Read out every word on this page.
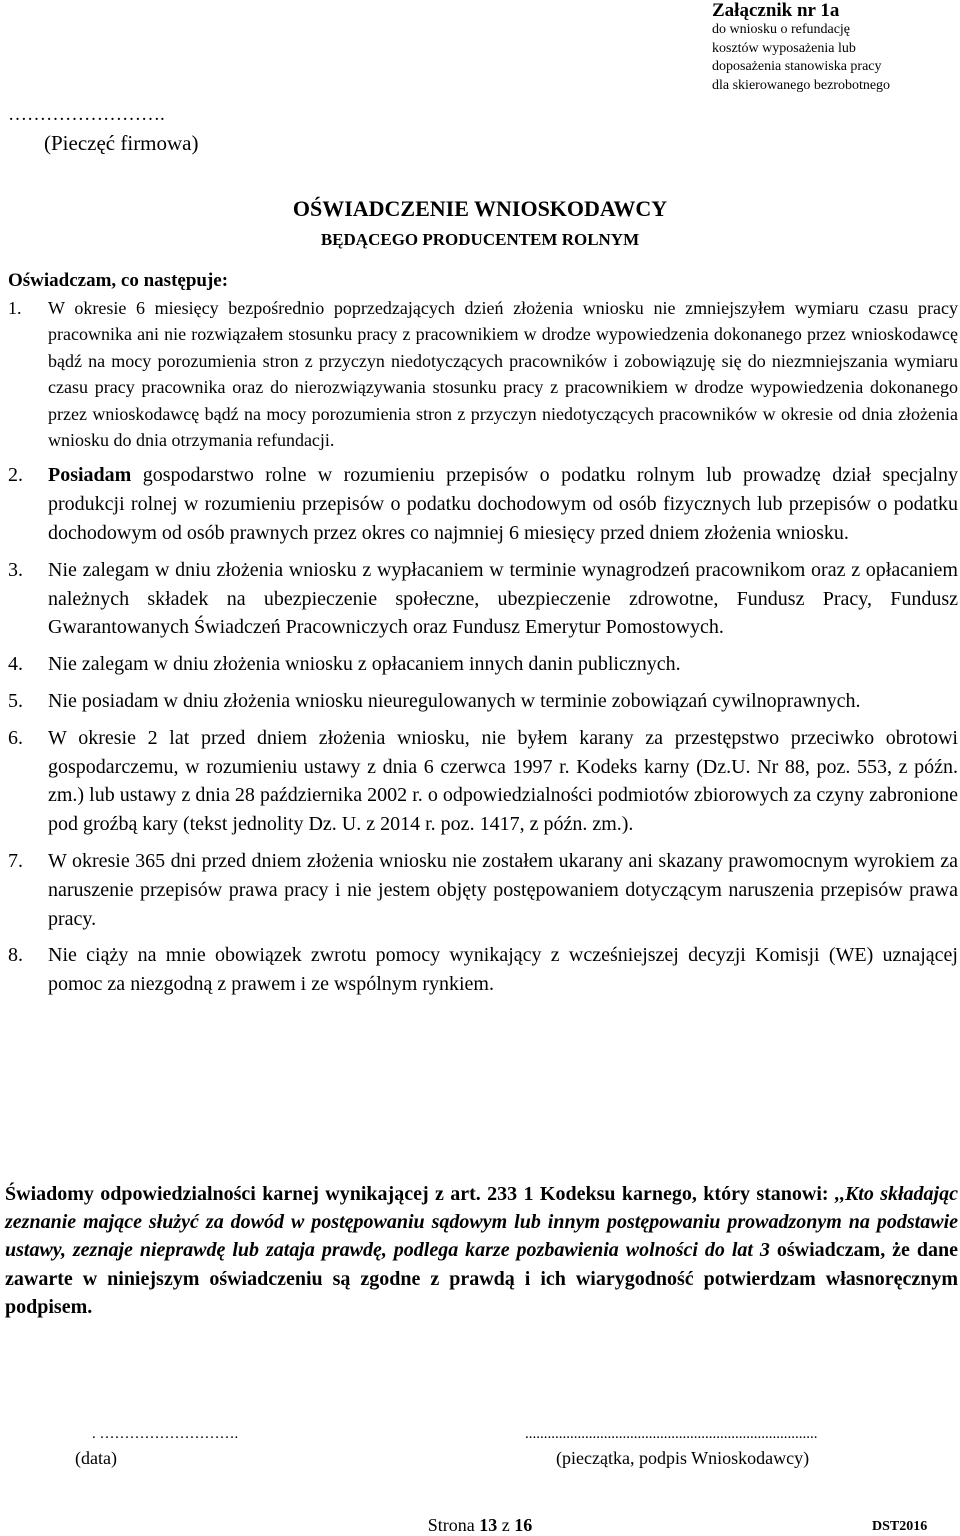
Załącznik nr 1a

do wniosku o refundację

kosztów wyposażenia lub

doposażenia stanowiska pracy

dla skierowanego bezrobotnego

…………………….
(Pieczęć firmowa)
OŚWIADCZENIE WNIOSKODAWCY
BĘDĄCEGO PRODUCENTEM ROLNYM
Oświadczam, co następuje:
1. W okresie 6 miesięcy bezpośrednio poprzedzających dzień złożenia wniosku nie zmniejszyłem wymiaru czasu pracy pracownika ani nie rozwiązałem stosunku pracy z pracownikiem w drodze wypowiedzenia dokonanego przez wnioskodawcę bądź na mocy porozumienia stron z przyczyn niedotyczących pracowników i zobowiązuję się do niezmniejszania wymiaru czasu pracy pracownika oraz do nierozwiązywania stosunku pracy z pracownikiem w drodze wypowiedzenia dokonanego przez wnioskodawcę bądź na mocy porozumienia stron z przyczyn niedotyczących pracowników w okresie od dnia złożenia wniosku do dnia otrzymania refundacji.
2. Posiadam gospodarstwo rolne w rozumieniu przepisów o podatku rolnym lub prowadzę dział specjalny produkcji rolnej w rozumieniu przepisów o podatku dochodowym od osób fizycznych lub przepisów o podatku dochodowym od osób prawnych przez okres co najmniej 6 miesięcy przed dniem złożenia wniosku.
3. Nie zalegam w dniu złożenia wniosku z wypłacaniem w terminie wynagrodzeń pracownikom oraz z opłacaniem należnych składek na ubezpieczenie społeczne, ubezpieczenie zdrowotne, Fundusz Pracy, Fundusz Gwarantowanych Świadczeń Pracowniczych oraz Fundusz Emerytur Pomostowych.
4. Nie zalegam w dniu złożenia wniosku z opłacaniem innych danin publicznych.
5. Nie posiadam w dniu złożenia wniosku nieuregulowanych w terminie zobowiązań cywilnoprawnych.
6. W okresie 2 lat przed dniem złożenia wniosku, nie byłem karany za przestępstwo przeciwko obrotowi gospodarczemu, w rozumieniu ustawy z dnia 6 czerwca 1997 r. Kodeks karny (Dz.U. Nr 88, poz. 553, z późn. zm.) lub ustawy z dnia 28 października 2002 r. o odpowiedzialności podmiotów zbiorowych za czyny zabronione pod groźbą kary (tekst jednolity Dz. U. z 2014 r. poz. 1417, z późn. zm.).
7. W okresie 365 dni przed dniem złożenia wniosku nie zostałem ukarany ani skazany prawomocnym wyrokiem za naruszenie przepisów prawa pracy i nie jestem objęty postępowaniem dotyczącym naruszenia przepisów prawa pracy.
8. Nie ciąży na mnie obowiązek zwrotu pomocy wynikający z wcześniejszej decyzji Komisji (WE) uznającej pomoc za niezgodną z prawem i ze wspólnym rynkiem.

Świadomy odpowiedzialności karnej wynikającej z art. 233 1 Kodeksu karnego, który stanowi: ,,Kto składając zeznanie mające służyć za dowód w postępowaniu sądowym lub innym postępowaniu prowadzonym na podstawie ustawy, zeznaje nieprawdę lub zataja prawdę, podlega karze pozbawienia wolności do lat 3 oświadczam, że dane zawarte w niniejszym oświadczeniu są zgodne z prawdą i ich wiarygodność potwierdzam własnoręcznym podpisem.

. ……………………….	..............................................................................
(data)	(pieczątka, podpis Wnioskodawcy)
Strona 13 z 16	DST2016
